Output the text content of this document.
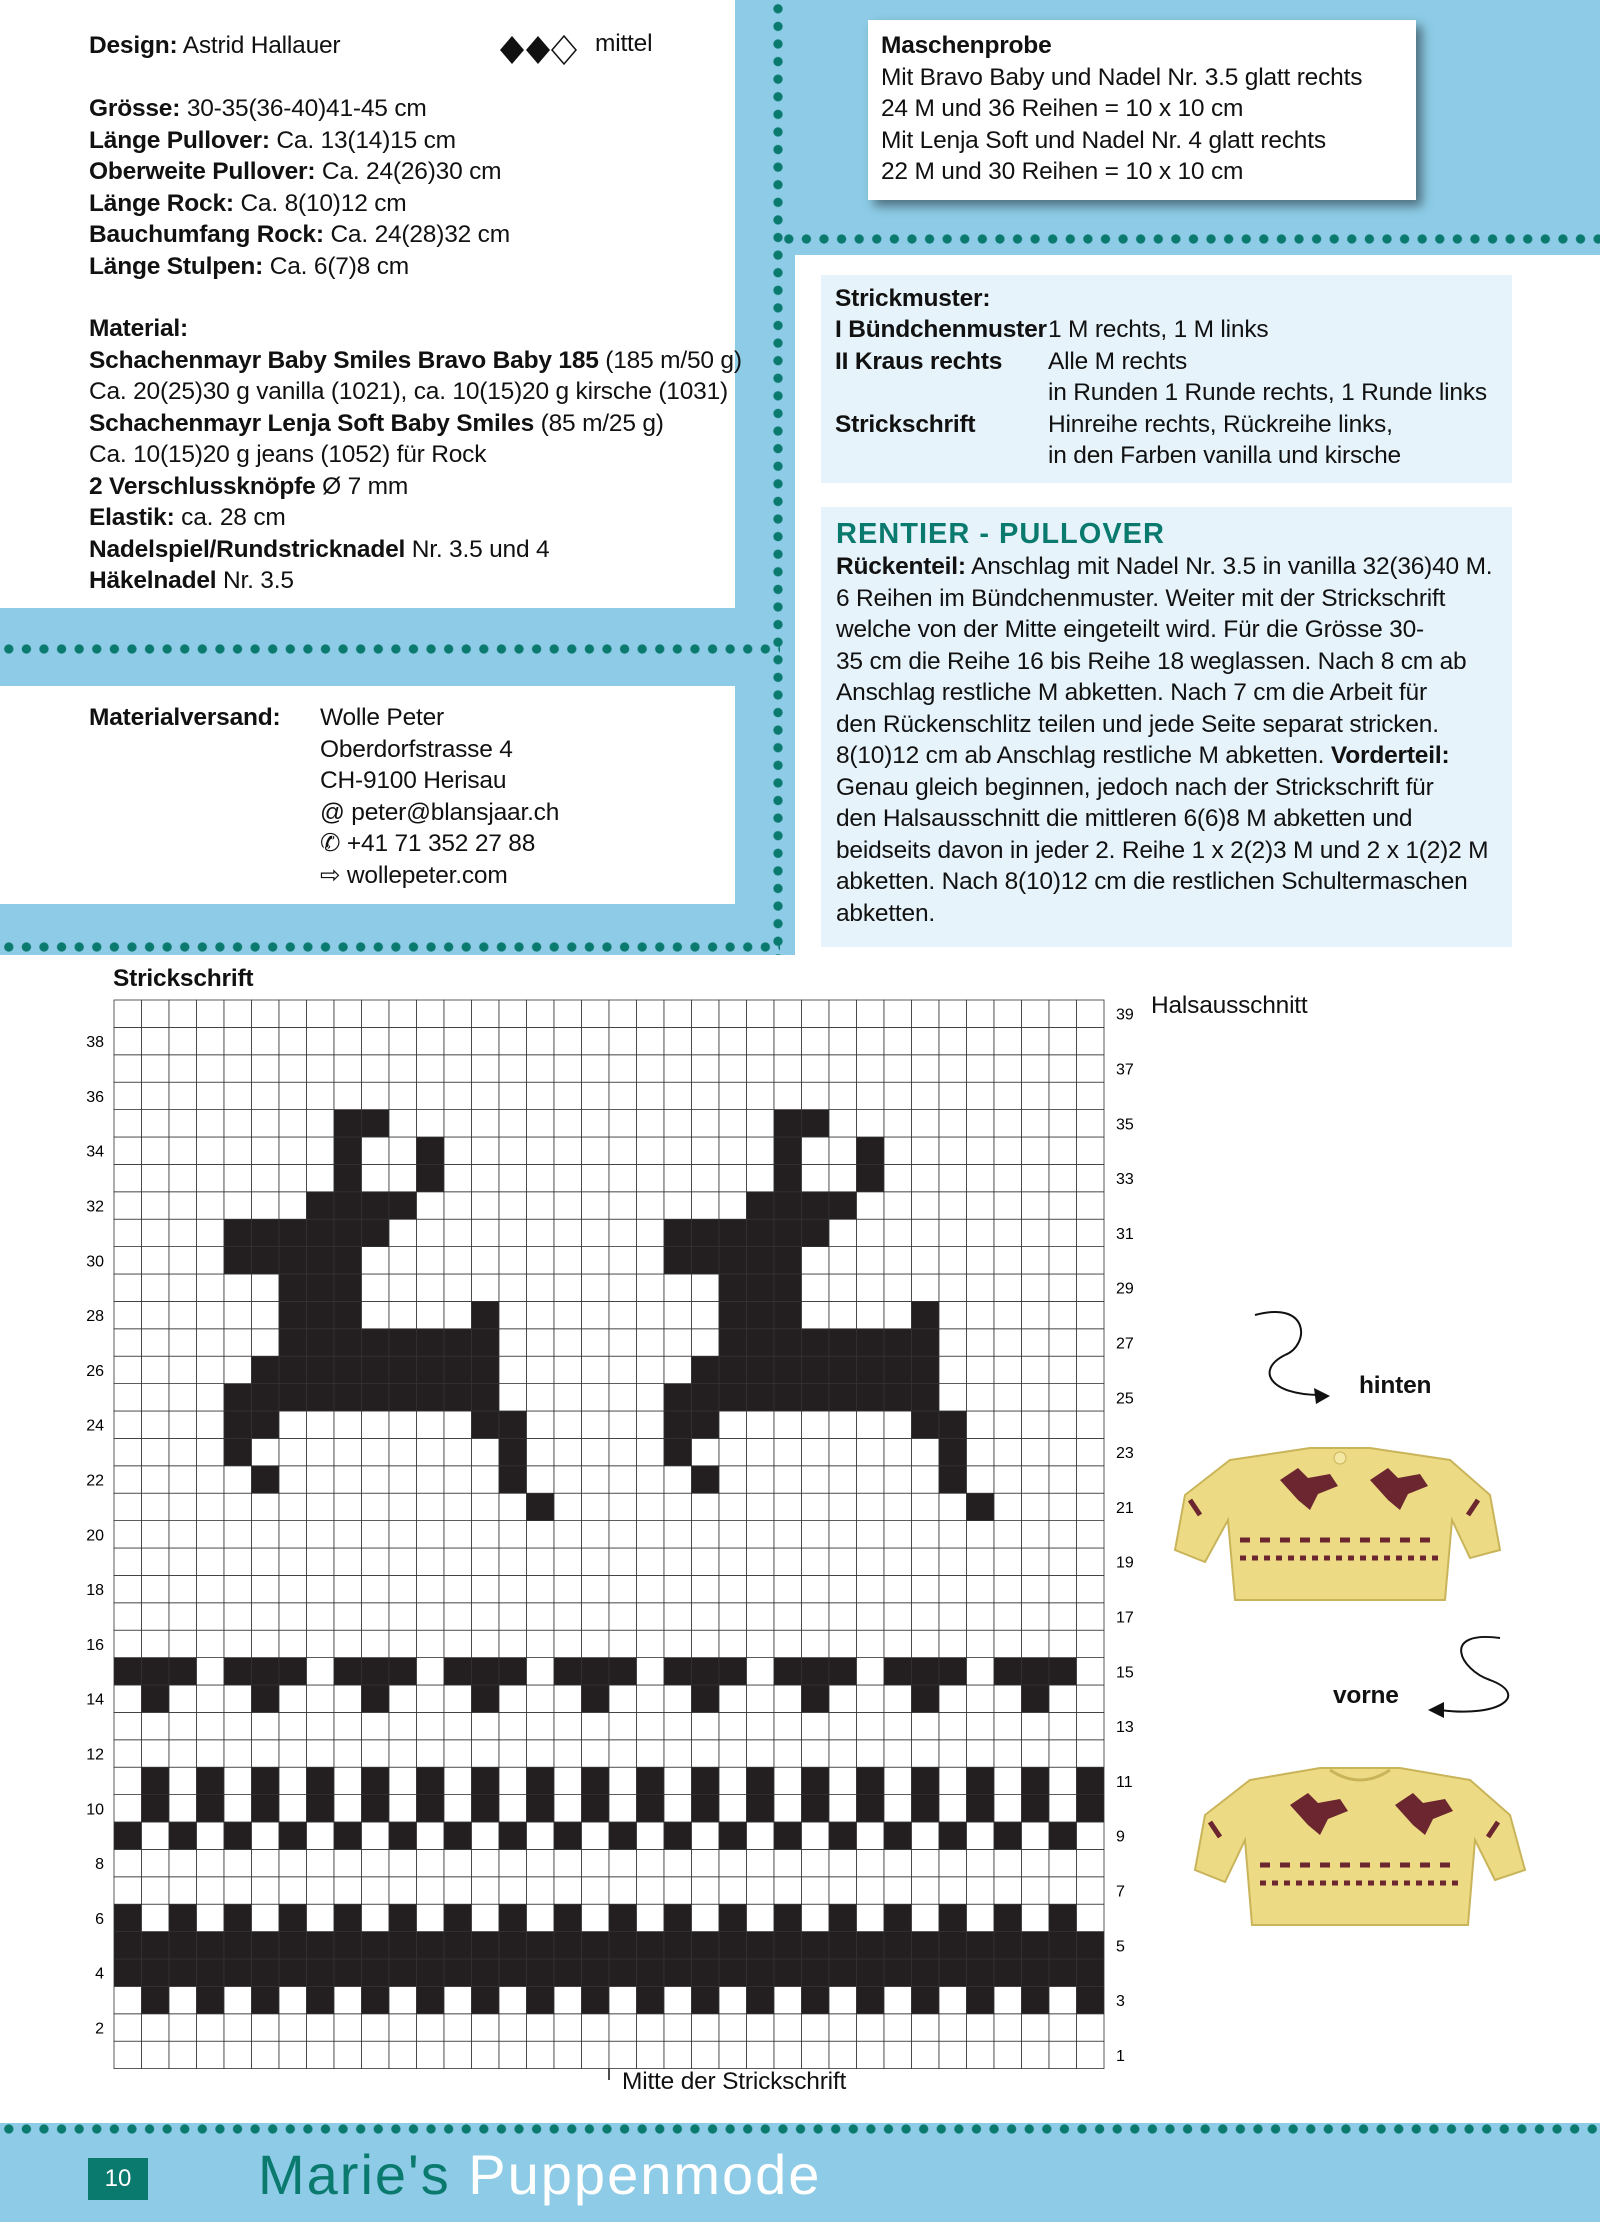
Design: Astrid Hallauer	mittel
Grösse: 30-35(36-40)41-45 cm
Länge Pullover: Ca. 13(14)15 cm
Oberweite Pullover: Ca. 24(26)30 cm
Länge Rock: Ca. 8(10)12 cm
Bauchumfang Rock: Ca. 24(28)32 cm
Länge Stulpen: Ca. 6(7)8 cm
Material:
Schachenmayr Baby Smiles Bravo Baby 185 (185 m/50 g)
Ca. 20(25)30 g vanilla (1021), ca. 10(15)20 g kirsche (1031)
Schachenmayr Lenja Soft Baby Smiles (85 m/25 g)
Ca. 10(15)20 g jeans (1052) für Rock
2 Verschlussknöpfe Ø 7 mm
Elastik: ca. 28 cm
Nadelspiel/Rundstricknadel Nr. 3.5 und 4
Häkelnadel Nr. 3.5
Materialversand: Wolle Peter
Oberdorfstrasse 4
CH-9100 Herisau
@ peter@blansjaar.ch
✆ +41 71 352 27 88
⇨ wollepeter.com
Maschenprobe
Mit Bravo Baby und Nadel Nr. 3.5 glatt rechts
24 M und 36 Reihen = 10 x 10 cm
Mit Lenja Soft und Nadel Nr. 4 glatt rechts
22 M und 30 Reihen = 10 x 10 cm
Strickmuster:
I Bündchenmuster 1 M rechts, 1 M links
II Kraus rechts Alle M rechts
in Runden 1 Runde rechts, 1 Runde links
Strickschrift	Hinreihe rechts, Rückreihe links,
in den Farben vanilla und kirsche
RENTIER - PULLOVER
Rückenteil: Anschlag mit Nadel Nr. 3.5 in vanilla 32(36)40 M.
6 Reihen im Bündchenmuster. Weiter mit der Strickschrift
welche von der Mitte eingeteilt wird. Für die Grösse 30-
35 cm die Reihe 16 bis Reihe 18 weglassen. Nach 8 cm ab
Anschlag restliche M abketten. Nach 7 cm die Arbeit für
den Rückenschlitz teilen und jede Seite separat stricken.
8(10)12 cm ab Anschlag restliche M abketten. Vorderteil:
Genau gleich beginnen, jedoch nach der Strickschrift für
den Halsausschnitt die mittleren 6(6)8 M abketten und
beidseits davon in jeder 2. Reihe 1 x 2(2)3 M und 2 x 1(2)2 M
abketten. Nach 8(10)12 cm die restlichen Schultermaschen
abketten.
Strickschrift
2
4
6
8
10
12
14
16
18
20
22
24
26
28
30
32
34
36
38
1
3
5
7
9
11
13
15
17
19
21
23
25
27
29
31
33
35
37
39 Halsausschnitt
Mitte der Strickschrift
hinten
vorne
10 Marie's Puppenmode
